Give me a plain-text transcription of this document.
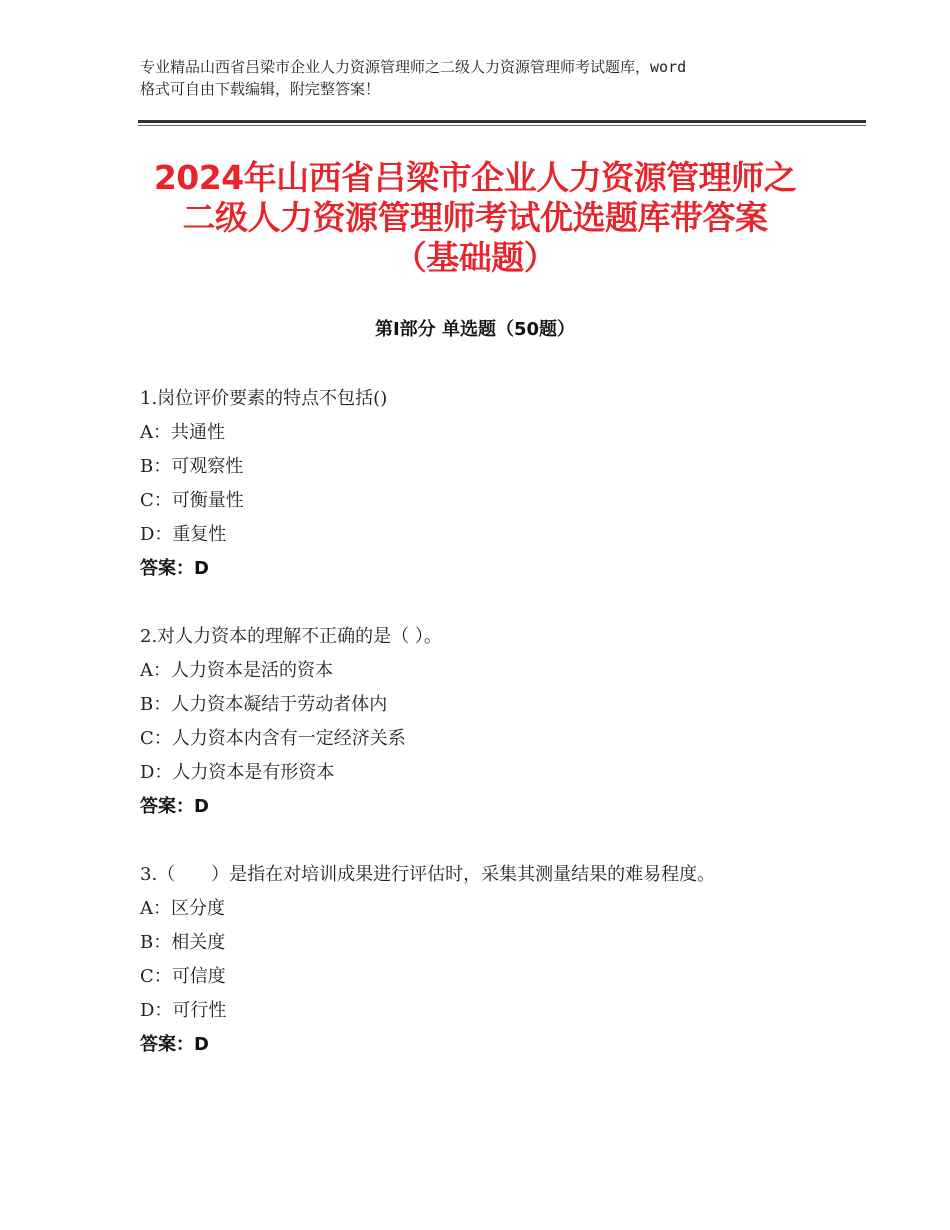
专业精品山西省吕梁市企业人力资源管理师之二级人力资源管理师考试题库，word
格式可自由下载编辑，附完整答案！
2024年山西省吕梁市企业人力资源管理师之
二级人力资源管理师考试优选题库带答案
（基础题）
第Ⅰ部分 单选题（50题）
1.岗位评价要素的特点不包括()
A：共通性
B：可观察性
C：可衡量性
D：重复性
答案：D
2.对人力资本的理解不正确的是（ ）。
A：人力资本是活的资本
B：人力资本凝结于劳动者体内
C：人力资本内含有一定经济关系
D：人力资本是有形资本
答案：D
3.（　　）是指在对培训成果进行评估时，采集其测量结果的难易程度。
A：区分度
B：相关度
C：可信度
D：可行性
答案：D
